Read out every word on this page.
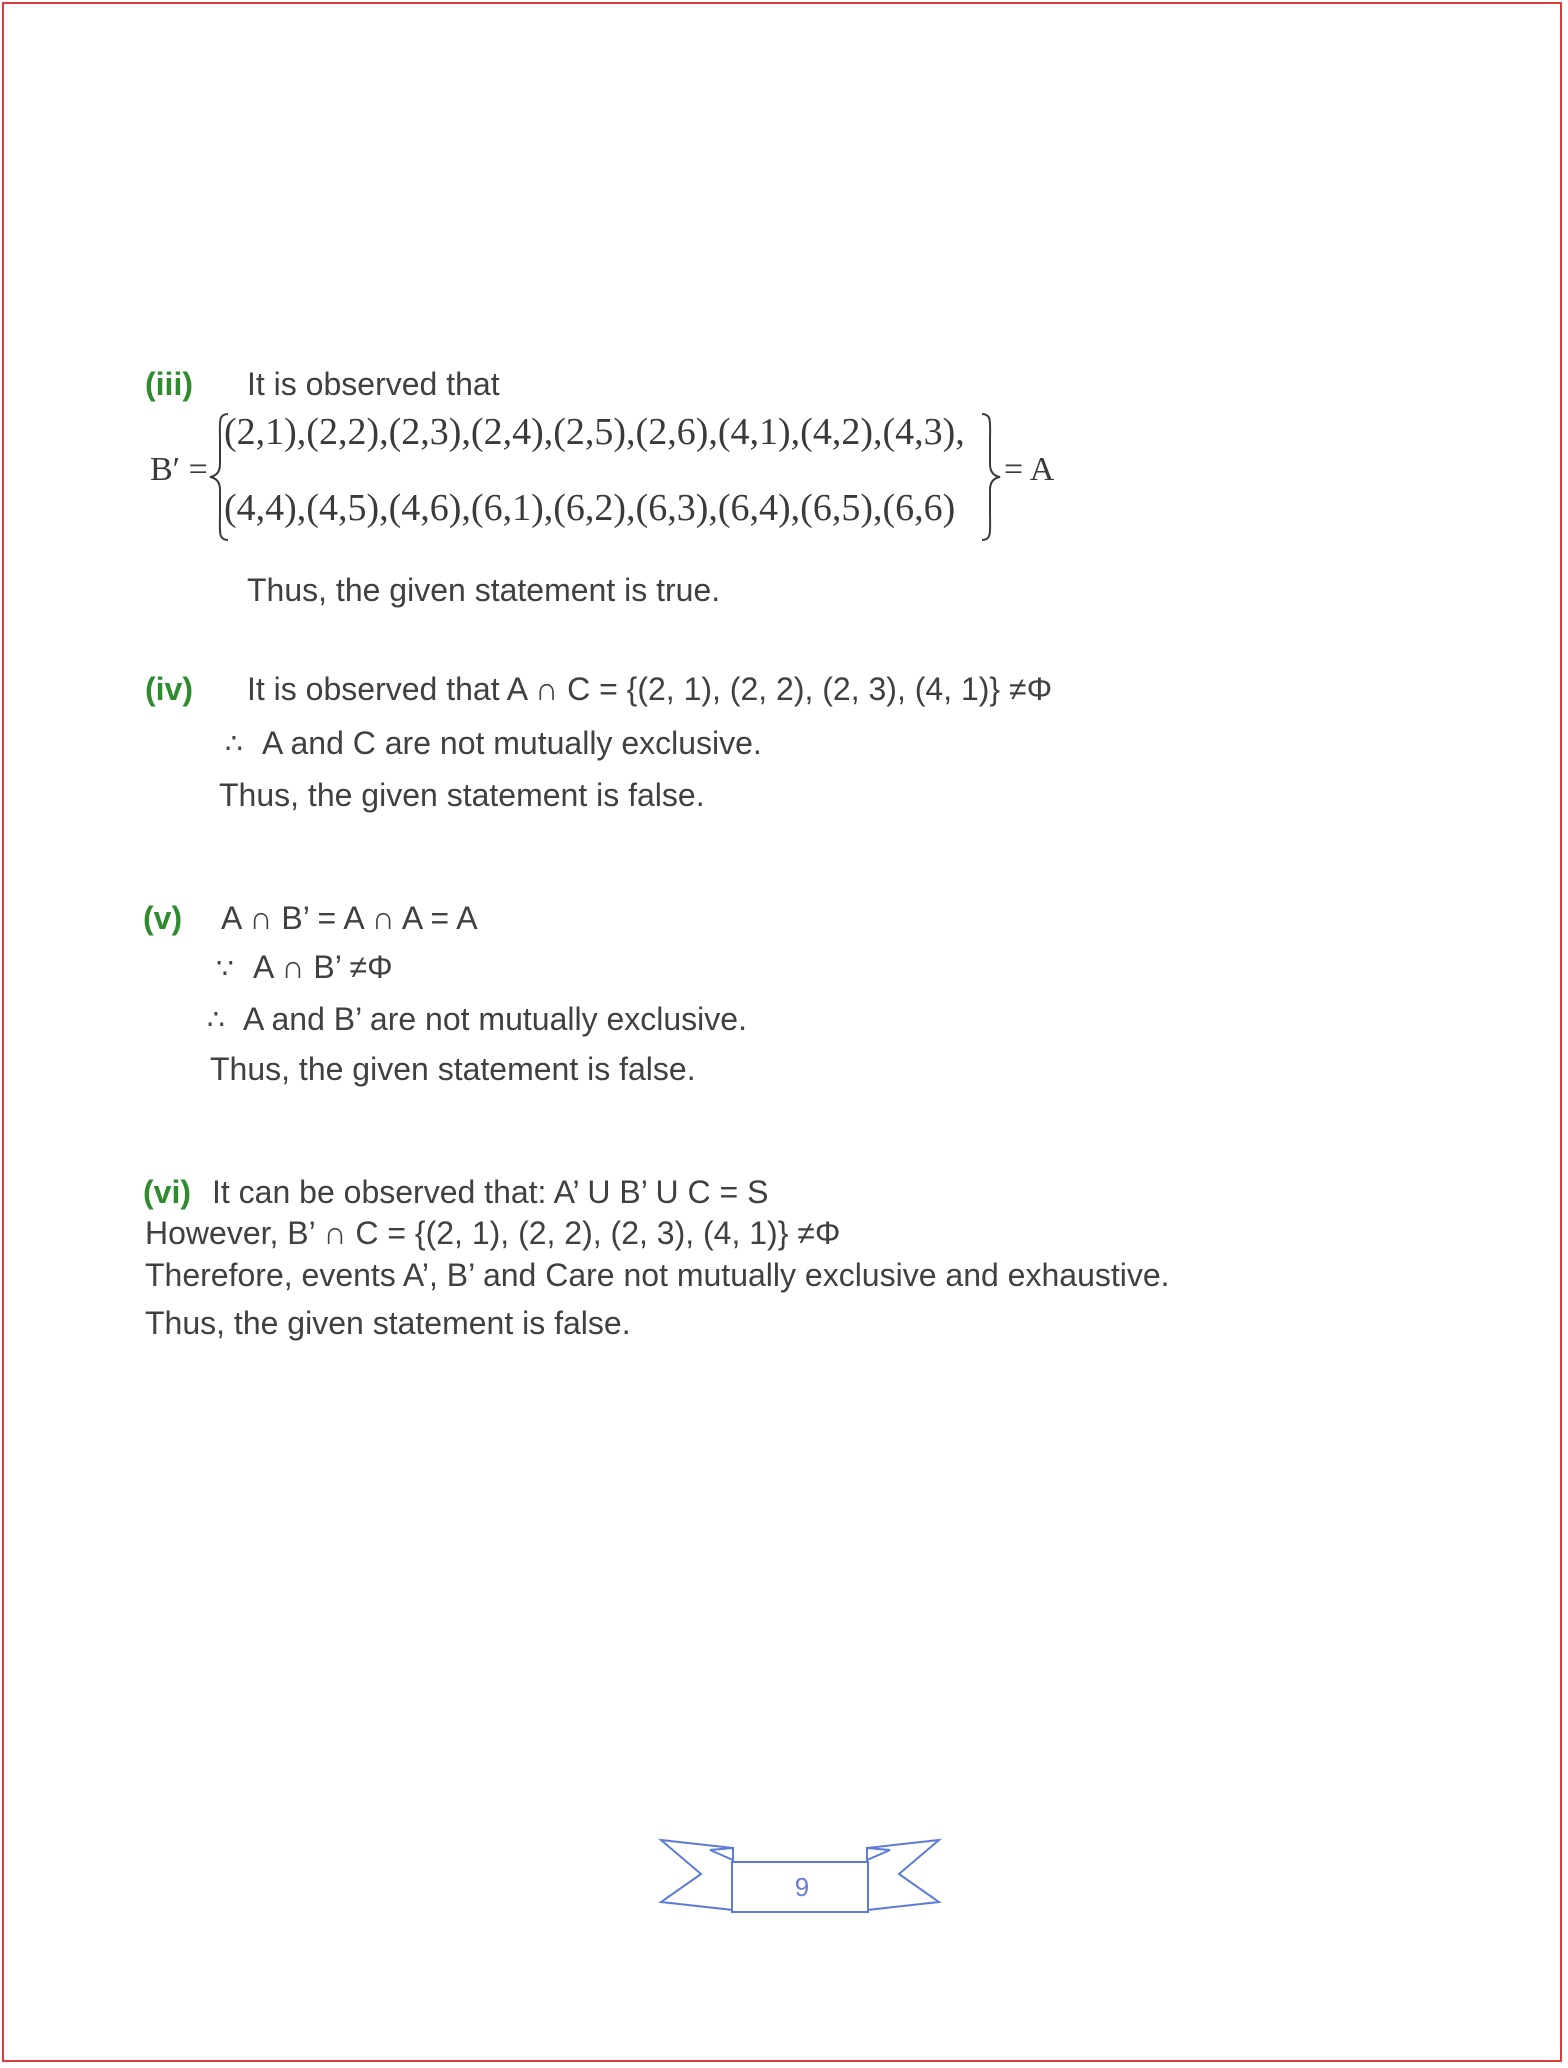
(iii) It is observed that
B′ =
(2,1),(2,2),(2,3),(2,4),(2,5),(2,6),(4,1),(4,2),(4,3),
(4,4),(4,5),(4,6),(6,1),(6,2),(6,3),(6,4),(6,5),(6,6)
= A
Thus, the given statement is true.
(iv) It is observed that A ∩ C = {(2, 1), (2, 2), (2, 3), (4, 1)} ≠Φ
∴ A and C are not mutually exclusive.
Thus, the given statement is false.
(v) A ∩ B’ = A ∩ A = A
∵ A ∩ B’ ≠Φ
∴ A and B’ are not mutually exclusive.
Thus, the given statement is false.
(vi) It can be observed that: A’ U B’ U C = S
However, B’ ∩ C = {(2, 1), (2, 2), (2, 3), (4, 1)} ≠Φ
Therefore, events A’, B’ and Care not mutually exclusive and exhaustive.
Thus, the given statement is false.
9
